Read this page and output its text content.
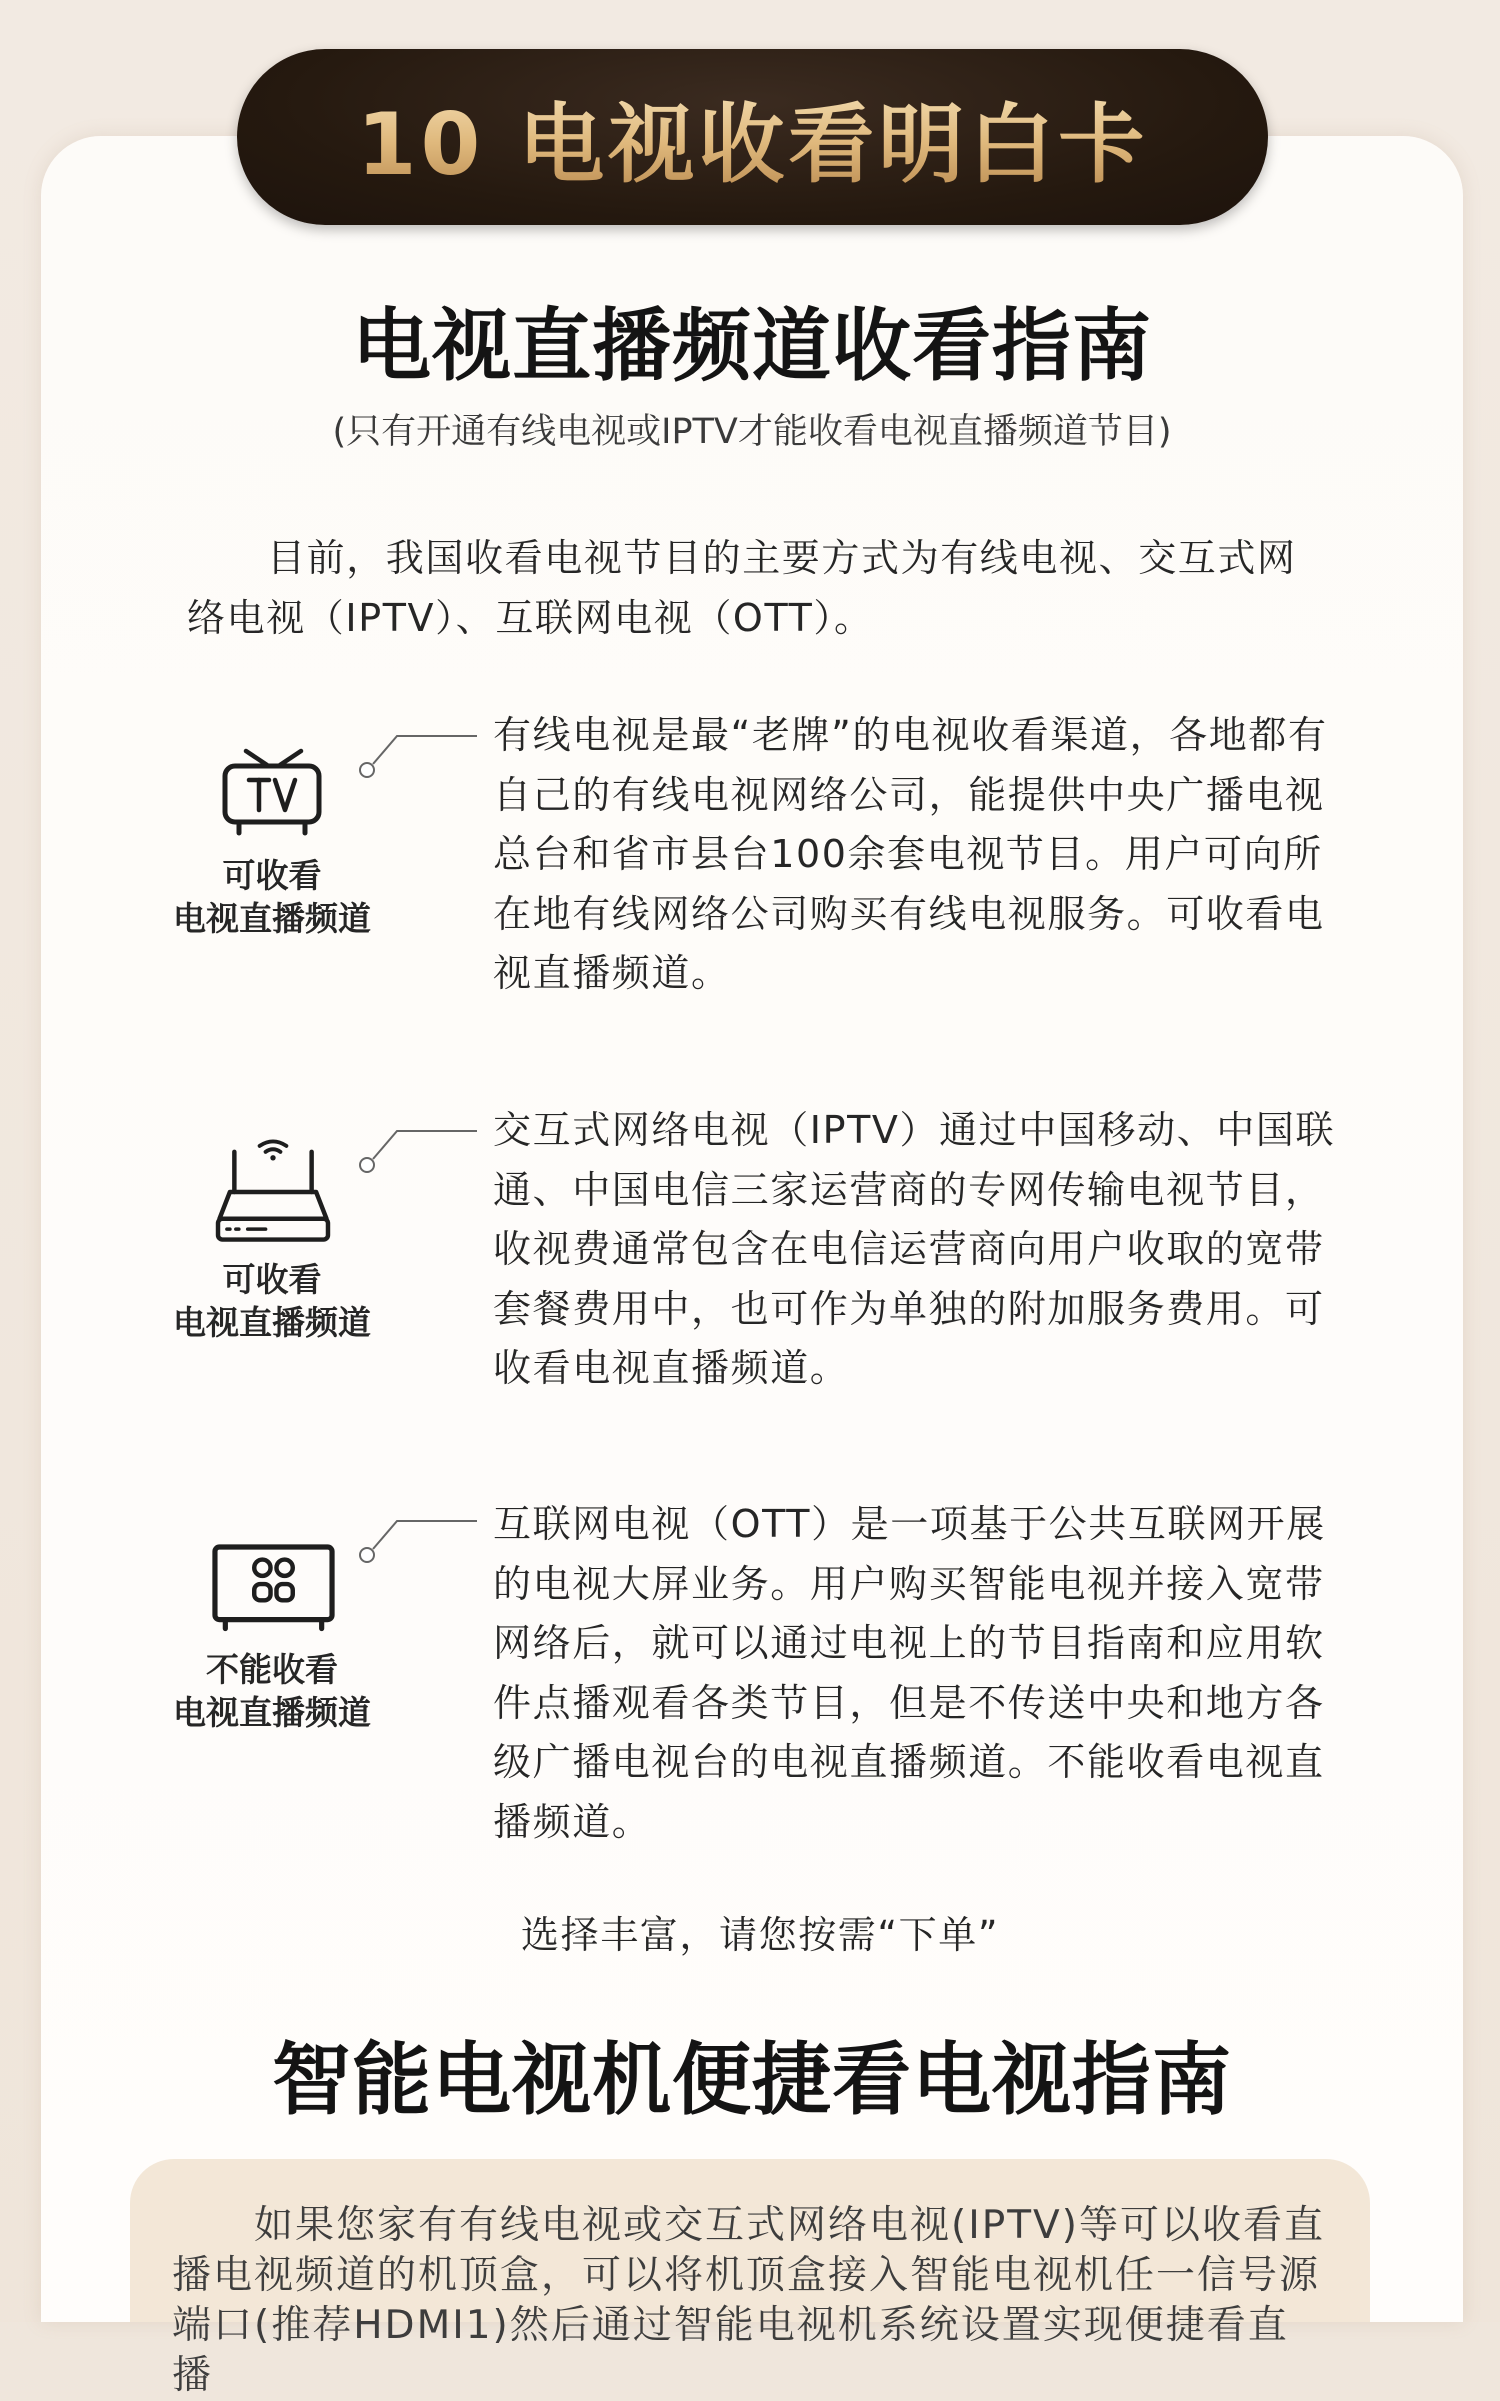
10 电视收看明白卡
电视直播频道收看指南
(只有开通有线电视或IPTV才能收看电视直播频道节目)

目前，我国收看电视节目的主要方式为有线电视、交互式网络电视（IPTV）、互联网电视（OTT）。

可收看
电视直播频道

有线电视是最“老牌”的电视收看渠道，各地都有自己的有线电视网络公司，能提供中央广播电视总台和省市县台100余套电视节目。用户可向所在地有线网络公司购买有线电视服务。可收看电视直播频道。

可收看
电视直播频道

交互式网络电视（IPTV）通过中国移动、中国联通、中国电信三家运营商的专网传输电视节目，收视费通常包含在电信运营商向用户收取的宽带套餐费用中，也可作为单独的附加服务费用。可收看电视直播频道。

不能收看
电视直播频道

互联网电视（OTT）是一项基于公共互联网开展的电视大屏业务。用户购买智能电视并接入宽带网络后，就可以通过电视上的节目指南和应用软件点播观看各类节目，但是不传送中央和地方各级广播电视台的电视直播频道。不能收看电视直播频道。

选择丰富，请您按需“下单”
智能电视机便捷看电视指南

如果您家有有线电视或交互式网络电视(IPTV)等可以收看直播电视频道的机顶盒，可以将机顶盒接入智能电视机任一信号源端口(推荐HDMI1)然后通过智能电视机系统设置实现便捷看直播
